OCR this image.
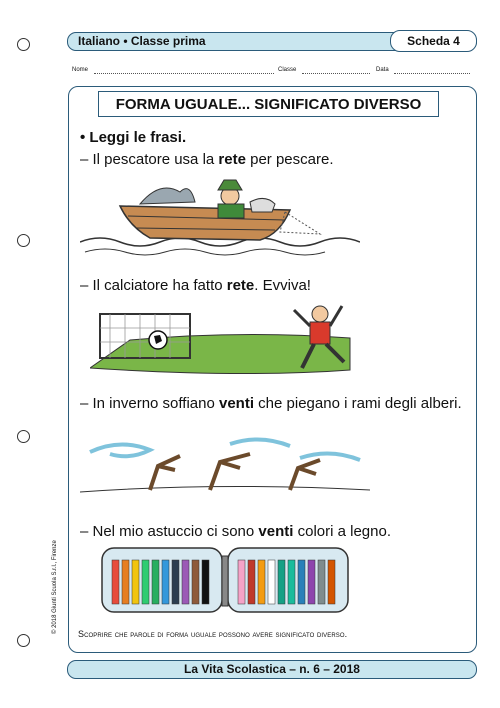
Italiano • Classe prima	Scheda 4
Nome	Classe	Data
FORMA UGUALE... SIGNIFICATO DIVERSO
• Leggi le frasi.
– Il pescatore usa la rete per pescare.
– Il calciatore ha fatto rete. Evviva!
– In inverno soffiano venti che piegano i rami degli alberi.
– Nel mio astuccio ci sono venti colori a legno.
Scoprire che parole di forma uguale possono avere significato diverso.
© 2018 Giunti Scuola S.r.l., Firenze
La Vita Scolastica – n. 6 – 2018
